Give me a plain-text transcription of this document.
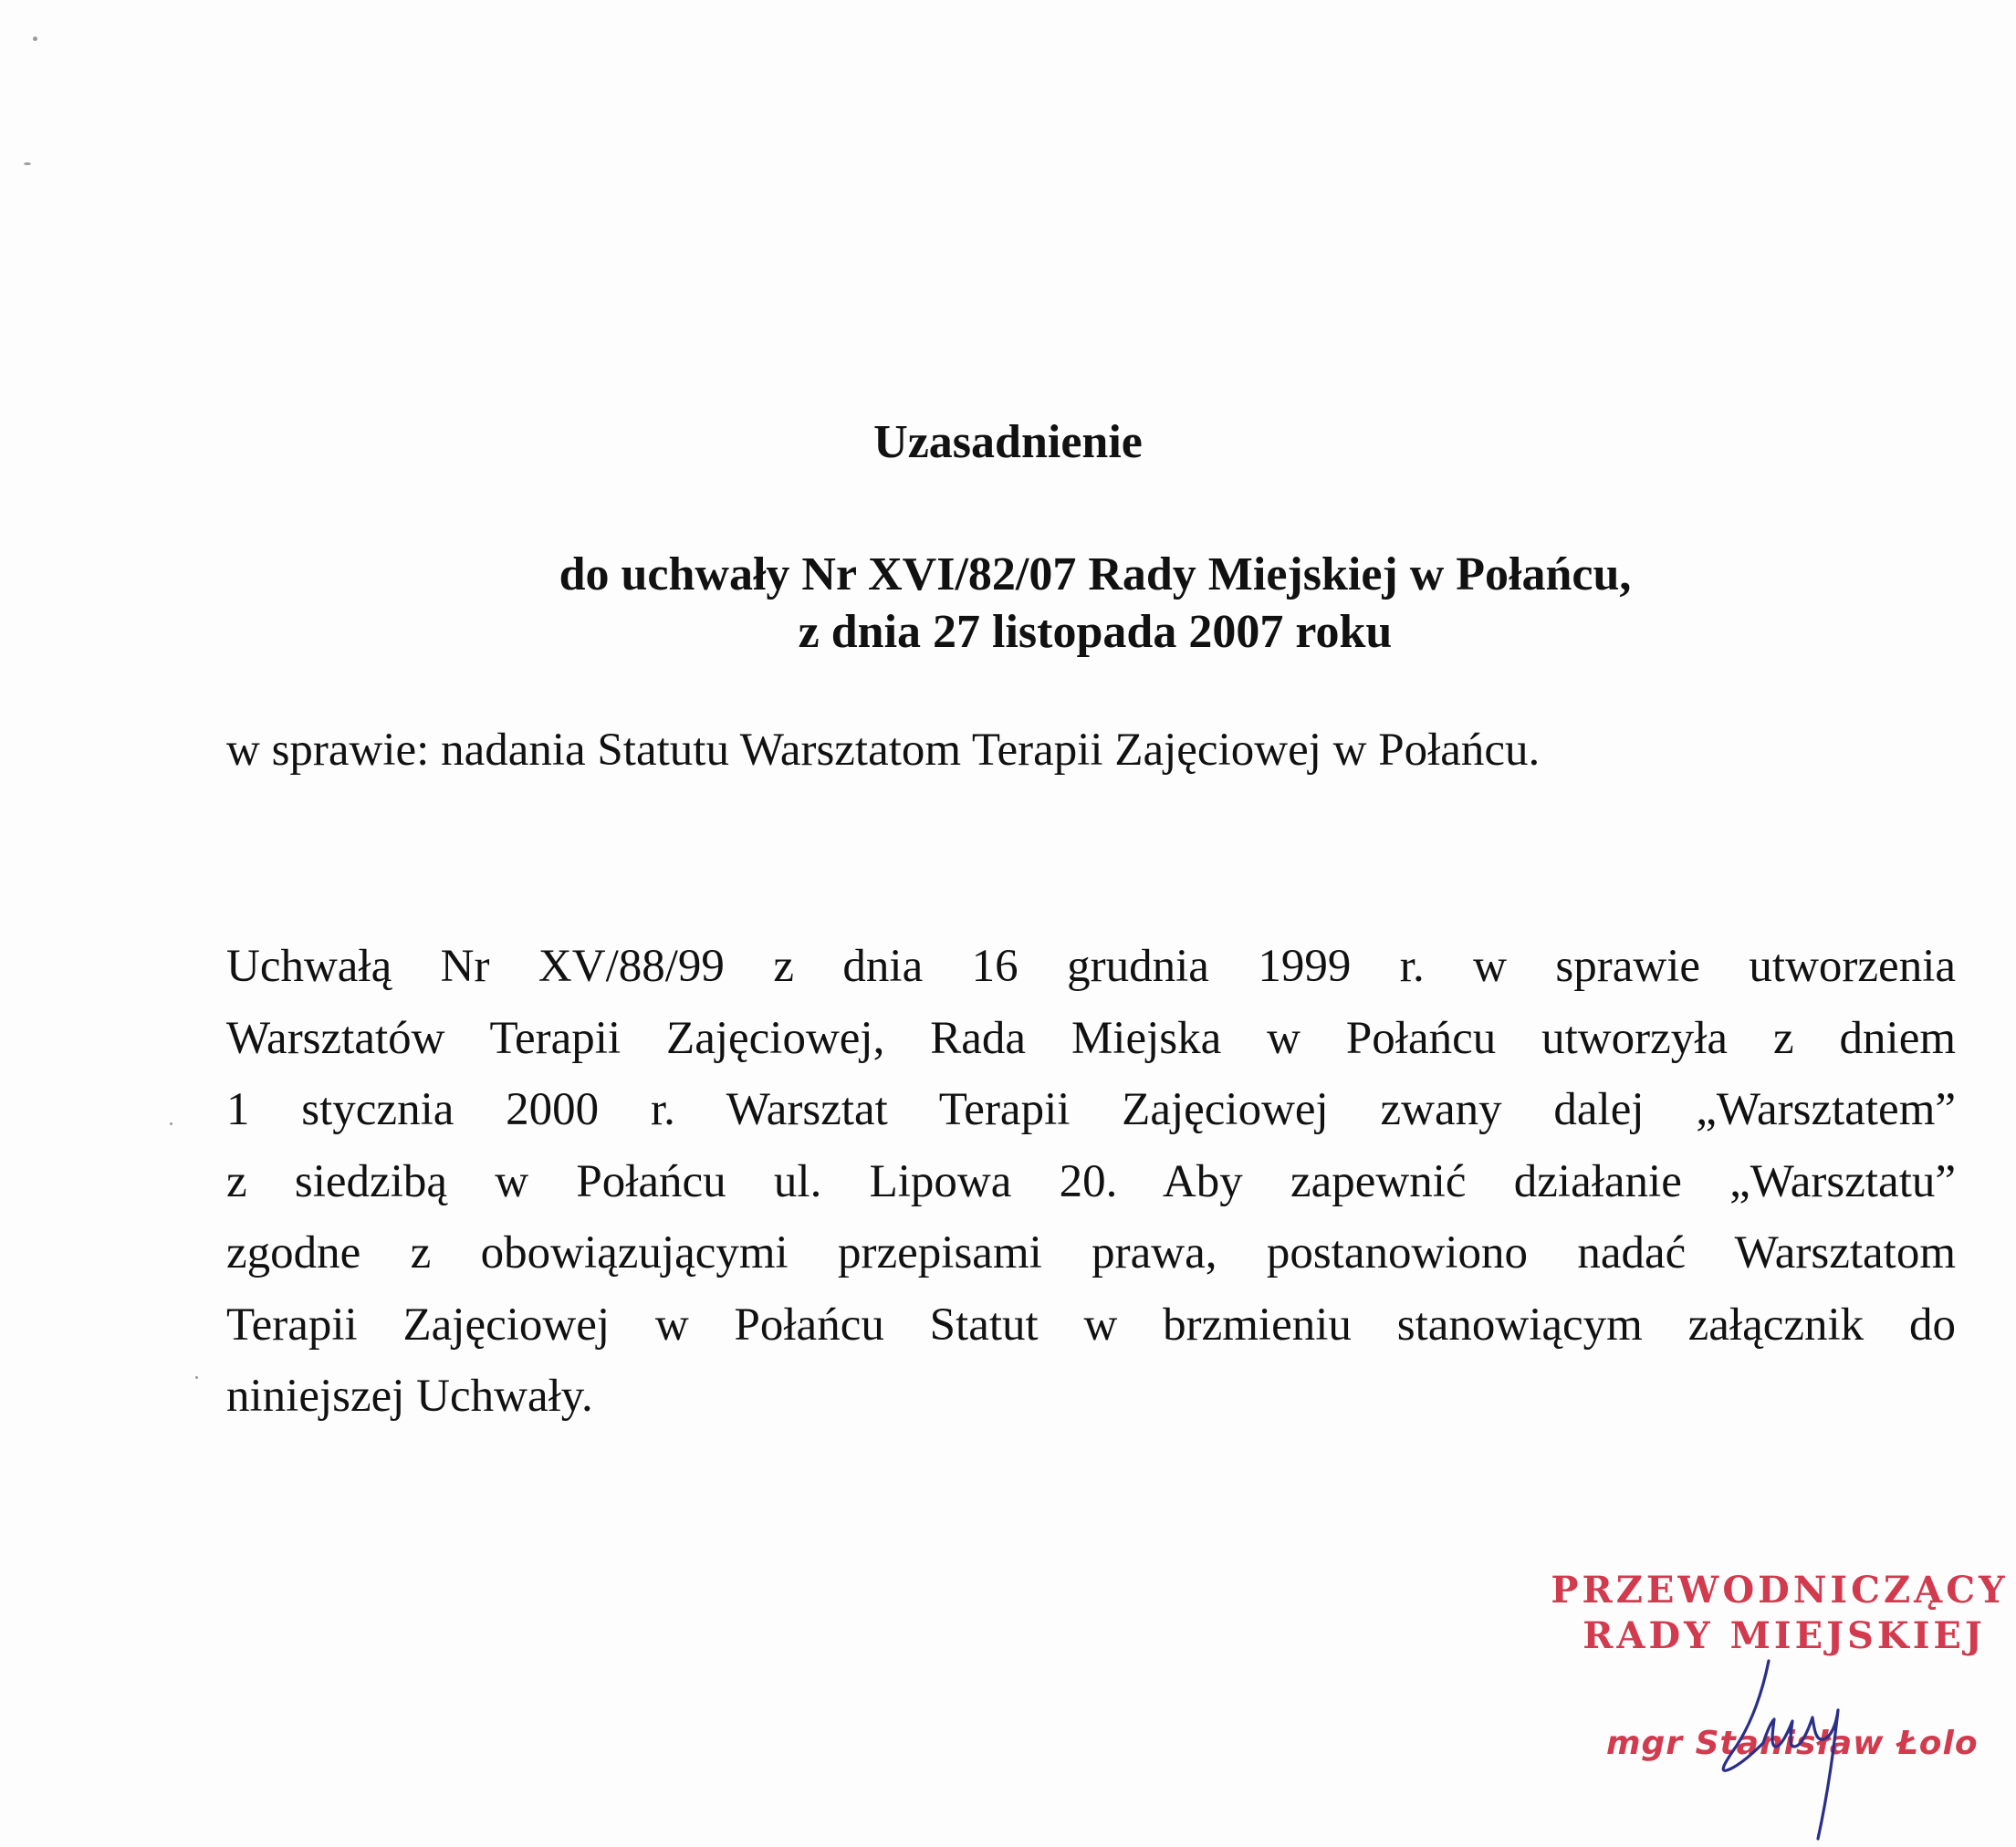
Uzasadnienie
do uchwały Nr XVI/82/07 Rady Miejskiej w Połańcu,
z dnia 27 listopada 2007 roku
w sprawie: nadania Statutu Warsztatom Terapii Zajęciowej w Połańcu.
Uchwałą Nr XV/88/99 z dnia 16 grudnia 1999 r. w sprawie utworzenia
Warsztatów Terapii Zajęciowej, Rada Miejska w Połańcu utworzyła z dniem
1 stycznia 2000 r. Warsztat Terapii Zajęciowej zwany dalej „Warsztatem”
z siedzibą w Połańcu ul. Lipowa 20. Aby zapewnić działanie „Warsztatu”
zgodne z obowiązującymi przepisami prawa, postanowiono nadać Warsztatom
Terapii Zajęciowej w Połańcu Statut w brzmieniu stanowiącym załącznik do
niniejszej Uchwały.
PRZEWODNICZĄCY
RADY MIEJSKIEJ
mgr Stanisław Łolo
